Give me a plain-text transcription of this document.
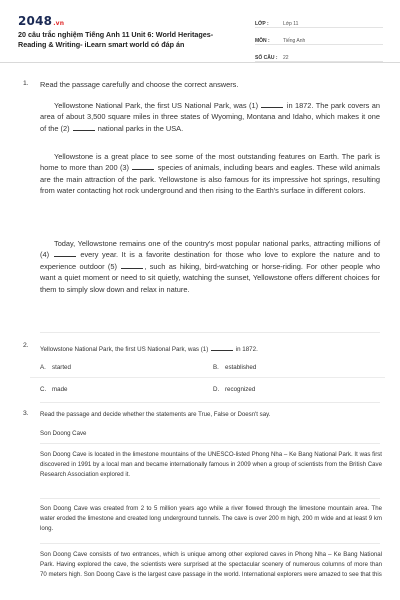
2048.vn
20 câu trắc nghiệm Tiếng Anh 11 Unit 6: World Heritages- Reading & Writing- iLearn smart world có đáp án
LỚP :	Lớp 11
MÔN :	Tiếng Anh
SỐ CÂU :	22
1. Read the passage carefully and choose the correct answers.
Yellowstone National Park, the first US National Park, was (1)	in 1872. The park covers an area of about 3,500 square miles in three states of Wyoming, Montana and Idaho, which makes it one of the (2)	national parks in the USA.
Yellowstone is a great place to see some of the most outstanding features on Earth. The park is home to more than 200 (3)	species of animals, including bears and eagles. These wild animals are the main attraction of the park. Yellowstone is also famous for its impressive hot springs, resulting from water contacting hot rock underground and then rising to the Earth's surface in different colors.
Today, Yellowstone remains one of the country's most popular national parks, attracting millions of (4)	every year. It is a favorite destination for those who love to explore the nature and to experience outdoor (5)	, such as hiking, bird-watching or horse-riding. For other people who want a quiet moment or need to sit quietly, watching the sunset, Yellowstone offers different choices for them to simply slow down and relax in nature.
2.
Yellowstone National Park, the first US National Park, was (1)	in 1872.
A. started	B. established
C. made	D. recognized
3. Read the passage and decide whether the statements are True, False or Doesn't say.
Son Doong Cave
Son Doong Cave is located in the limestone mountains of the UNESCO-listed Phong Nha – Ke Bang National Park. It was first discovered in 1991 by a local man and became internationally famous in 2009 when a group of scientists from the British Cave Research Association explored it.
Son Doong Cave was created from 2 to 5 million years ago while a river flowed through the limestone mountain area. The water eroded the limestone and created long underground tunnels. The cave is over 200 m high, 200 m wide and at least 9 km long.
Son Doong Cave consists of two entrances, which is unique among other explored caves in Phong Nha – Ke Bang National Park. Having explored the cave, the scientists were surprised at the spectacular scenery of numerous columns of more than 70 meters high. Son Doong Cave is the largest cave passage in the world. International explorers were amazed to see that this
